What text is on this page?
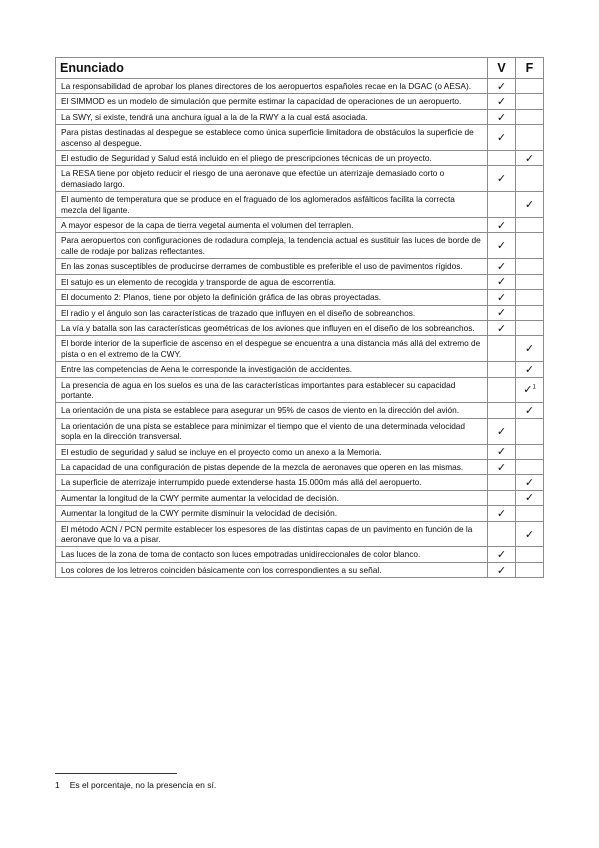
Enunciado	V	F
La responsabilidad de aprobar los planes directores de los aeropuertos españoles recae en la DGAC (o AESA).	✓	
El SIMMOD es un modelo de simulación que permite estimar la capacidad de operaciones de un aeropuerto.	✓	
La SWY, si existe, tendrá una anchura igual a la de la RWY a la cual está asociada.	✓	
Para pistas destinadas al despegue se establece como única superficie limitadora de obstáculos la superficie de ascenso al despegue.	✓	
El estudio de Seguridad y Salud está incluido en el pliego de prescripciones técnicas de un proyecto.		✓
La RESA tiene por objeto reducir el riesgo de una aeronave que efectúe un aterrizaje demasiado corto o demasiado largo.	✓	
El aumento de temperatura que se produce en el fraguado de los aglomerados asfálticos facilita la correcta mezcla del ligante.		✓
A mayor espesor de la capa de tierra vegetal aumenta el volumen del terraplen.	✓	
Para aeropuertos con configuraciones de rodadura compleja, la tendencia actual es sustituir las luces de borde de calle de rodaje por balizas reflectantes.	✓	
En las zonas susceptibles de producirse derrames de combustible es preferible el uso de pavimentos rígidos.	✓	
El satujo es un elemento de recogida y transporde de agua de escorrentía.	✓	
El documento 2: Planos, tiene por objeto la definición gráfica de las obras proyectadas.	✓	
El radio y el ángulo son las características de trazado que influyen en el diseño de sobreanchos.	✓	
La vía y batalla son las características geométricas de los aviones que influyen en el diseño de los sobreanchos.	✓	
El borde interior de la superficie de ascenso en el despegue se encuentra a una distancia más allá del extremo de pista o en el extremo de la CWY.		✓
Entre las competencias de Aena le corresponde la investigación de accidentes.		✓
La presencia de agua en los suelos es una de las características importantes para establecer su capacidad portante.		✓$^1$
La orientación de una pista se establece para asegurar un 95% de casos de viento en la dirección del avión.		✓
La orientación de una pista se establece para minimizar el tiempo que el viento de una determinada velocidad sopla en la dirección transversal.	✓	
El estudio de seguridad y salud se incluye en el proyecto como un anexo a la Memoria.	✓	
La capacidad de una configuración de pistas depende de la mezcla de aeronaves que operen en las mismas.	✓	
La superficie de aterrizaje interrumpido puede extenderse hasta 15.000m más allá del aeropuerto.		✓
Aumentar la longitud de la CWY permite aumentar la velocidad de decisión.		✓
Aumentar la longitud de la CWY permite disminuir la velocidad de decisión.	✓	
El método ACN / PCN permite establecer los espesores de las distintas capas de un pavimento en función de la aeronave que lo va a pisar.		✓
Las luces de la zona de toma de contacto son luces empotradas unidireccionales de color blanco.	✓	
Los colores de los letreros coinciden básicamente con los correspondientes a su señal.	✓	
1 Es el porcentaje, no la presencia en sí.
